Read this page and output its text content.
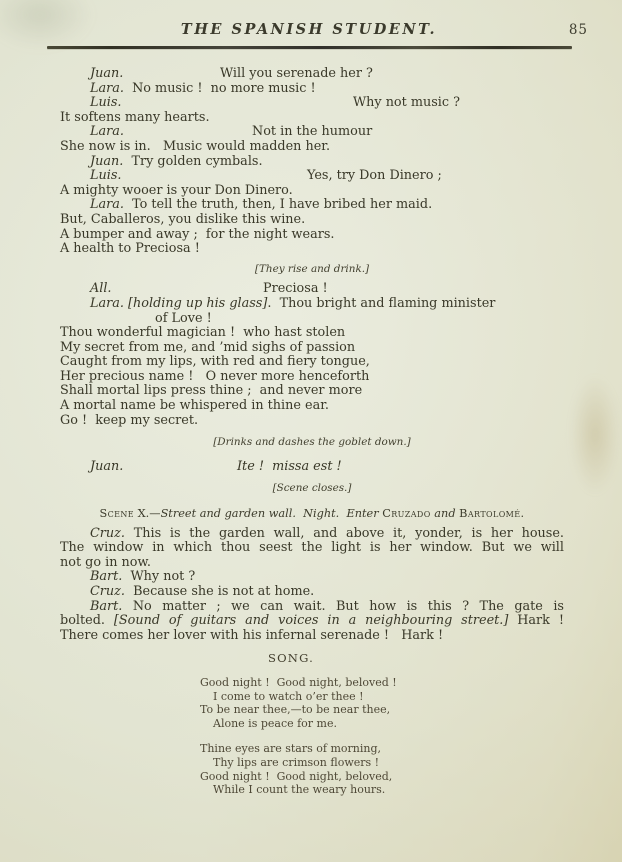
THE SPANISH STUDENT.	85
Juan.	Will you serenade her ?
Lara.  No music !  no more music !
Luis.	Why not music ?
It softens many hearts.
Lara.	Not in the humour
She now is in.   Music would madden her.
Juan.  Try golden cymbals.
Luis.	Yes, try Don Dinero ;
A mighty wooer is your Don Dinero.
Lara.  To tell the truth, then, I have bribed her maid.
But, Caballeros, you dislike this wine.
A bumper and away ;  for the night wears.
A health to Preciosa !
[They rise and drink.]
All.	Preciosa !
Lara. [holding up his glass].  Thou bright and flaming minister
of Love !
Thou wonderful magician !  who hast stolen
My secret from me, and ’mid sighs of passion
Caught from my lips, with red and fiery tongue,
Her precious name !   O never more henceforth
Shall mortal lips press thine ;  and never more
A mortal name be whispered in thine ear.
Go !  keep my secret.
[Drinks and dashes the goblet down.]
Juan.	Ite !  missa est !
[Scene closes.]
Scene X.—Street and garden wall.  Night.  Enter Cruzado and Bartolomé.
Cruz. This is the garden wall, and above it, yonder, is her house.
The window in which thou seest the light is her window. But we will
not go in now.
Bart.  Why not ?
Cruz.  Because she is not at home.
Bart. No matter ; we can wait. But how is this ? The gate is
bolted. [Sound of guitars and voices in a neighbouring street.] Hark !
There comes her lover with his infernal serenade !   Hark !
SONG.
Good night !  Good night, beloved !
I come to watch o’er thee !
To be near thee,—to be near thee,
Alone is peace for me.
Thine eyes are stars of morning,
Thy lips are crimson flowers !
Good night !  Good night, beloved,
While I count the weary hours.
